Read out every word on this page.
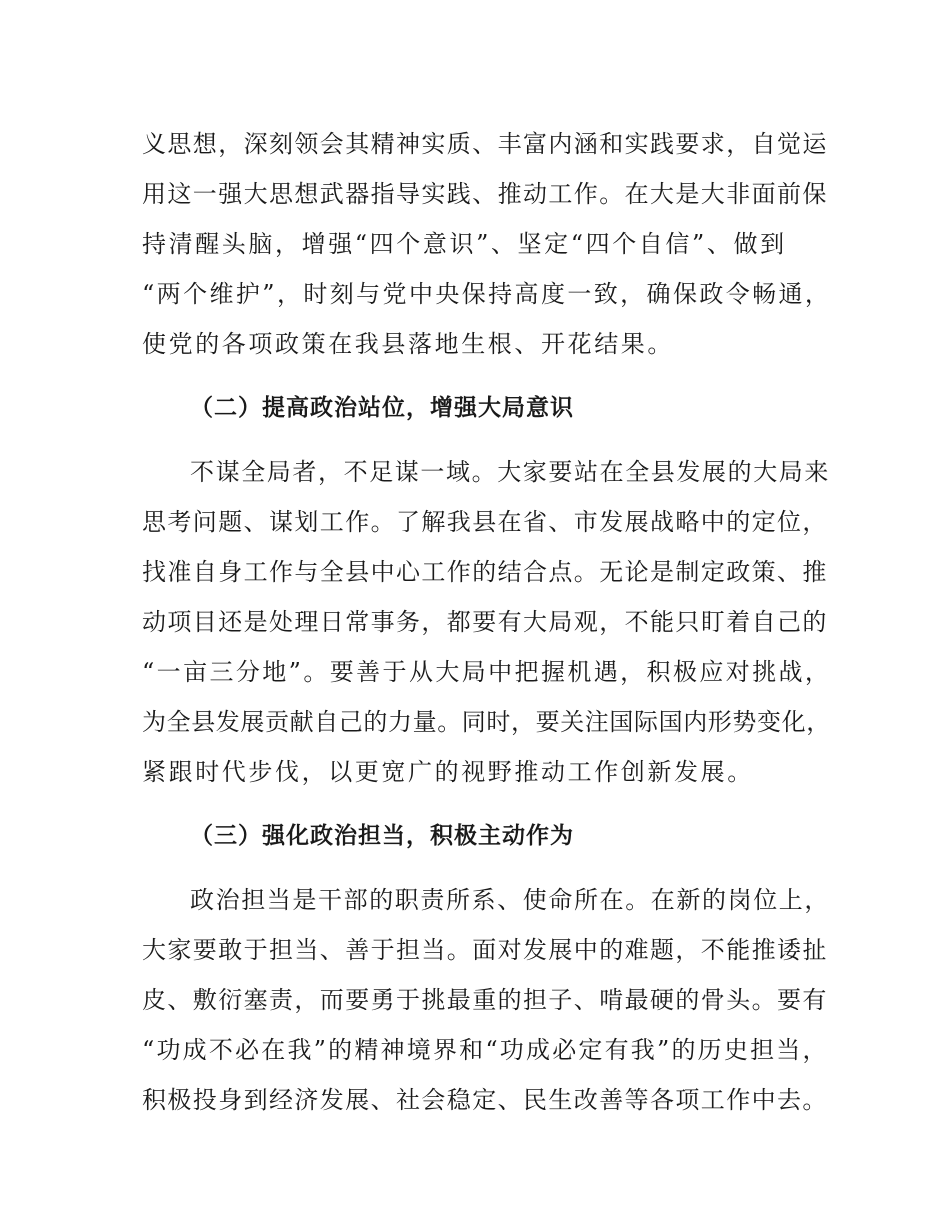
义思想，深刻领会其精神实质、丰富内涵和实践要求，自觉运
用这一强大思想武器指导实践、推动工作。在大是大非面前保
持清醒头脑，增强“四个意识”、坚定“四个自信”、做到
“两个维护”，时刻与党中央保持高度一致，确保政令畅通，
使党的各项政策在我县落地生根、开花结果。
（二）提高政治站位，增强大局意识
不谋全局者，不足谋一域。大家要站在全县发展的大局来
思考问题、谋划工作。了解我县在省、市发展战略中的定位，
找准自身工作与全县中心工作的结合点。无论是制定政策、推
动项目还是处理日常事务，都要有大局观，不能只盯着自己的
“一亩三分地”。要善于从大局中把握机遇，积极应对挑战，
为全县发展贡献自己的力量。同时，要关注国际国内形势变化，
紧跟时代步伐，以更宽广的视野推动工作创新发展。
（三）强化政治担当，积极主动作为
政治担当是干部的职责所系、使命所在。在新的岗位上，
大家要敢于担当、善于担当。面对发展中的难题，不能推诿扯
皮、敷衍塞责，而要勇于挑最重的担子、啃最硬的骨头。要有
“功成不必在我”的精神境界和“功成必定有我”的历史担当，
积极投身到经济发展、社会稳定、民生改善等各项工作中去。
